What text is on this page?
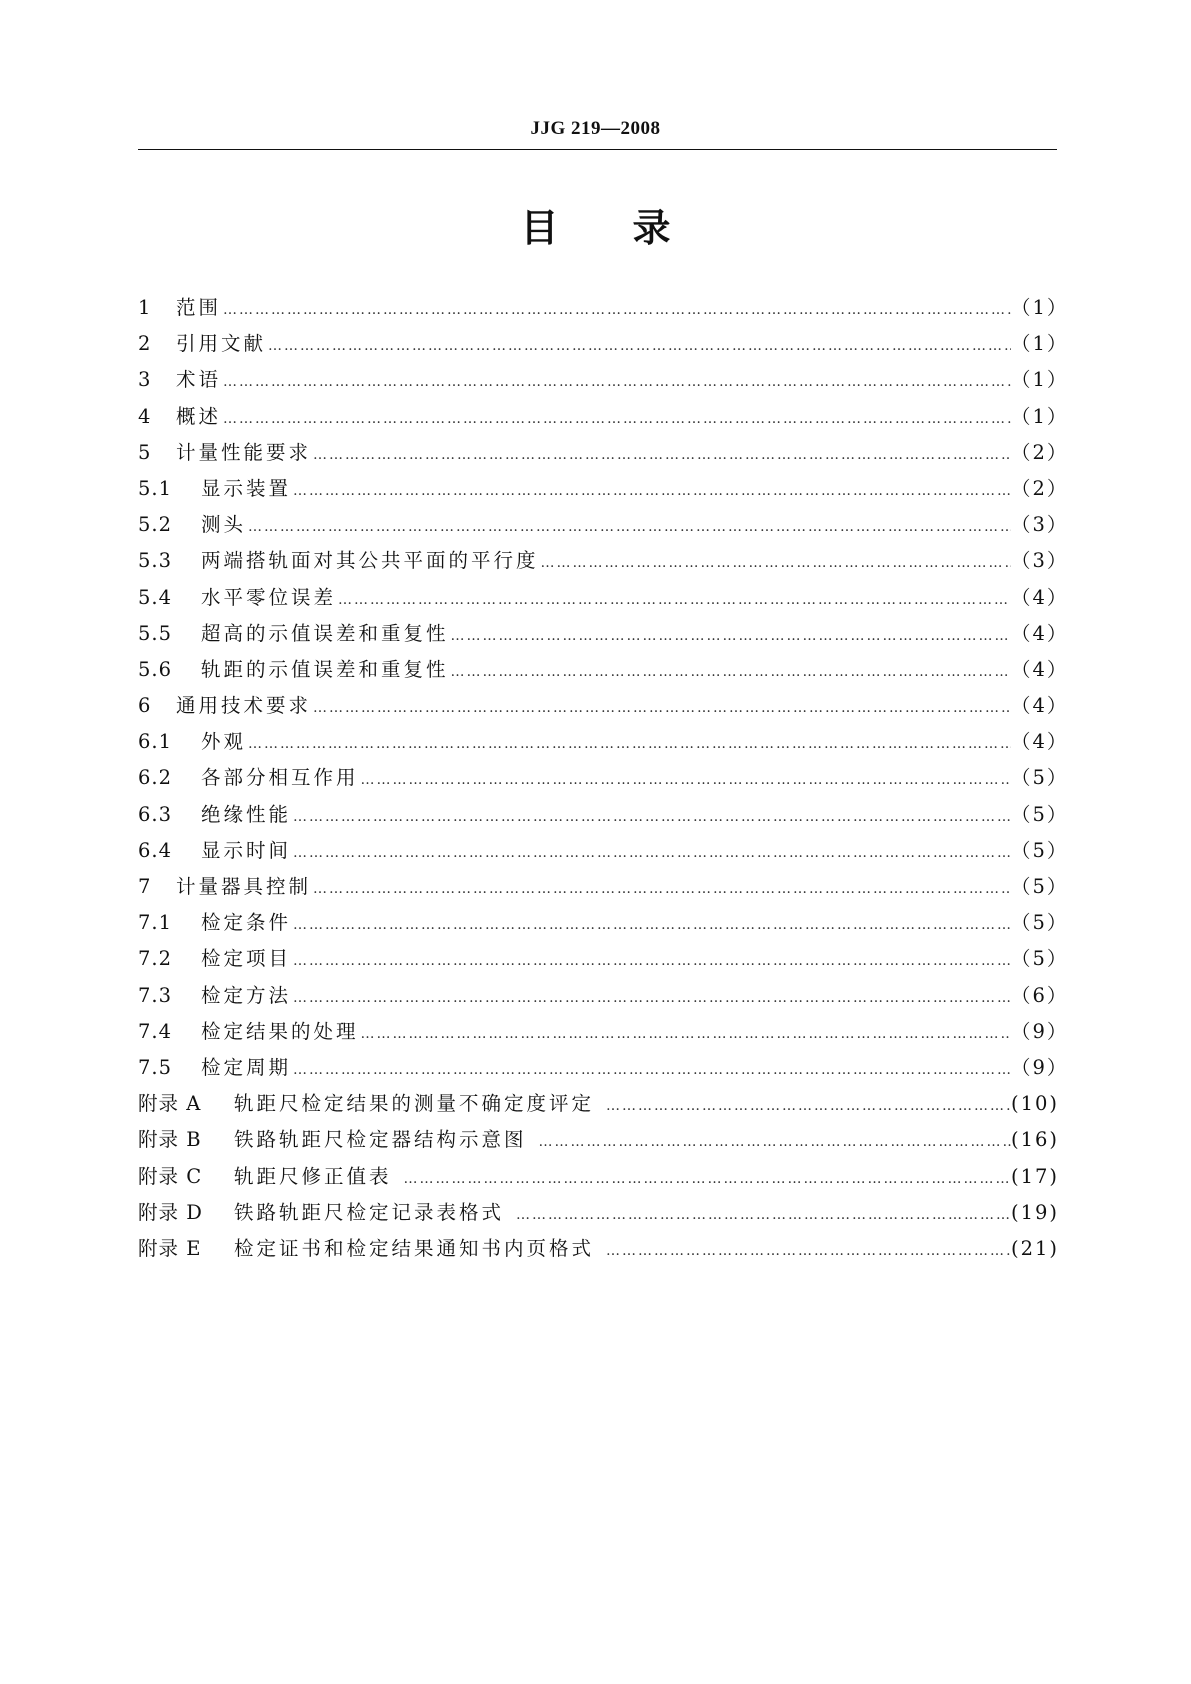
JJG 219—2008
目 录
1	范围 …………………………………………………………………………………………………………………………………………………………………………………………………………………………	（1）
2	引用文献 …………………………………………………………………………………………………………………………………………………………………………………………………………………………	（1）
3	术语 …………………………………………………………………………………………………………………………………………………………………………………………………………………………	（1）
4	概述 …………………………………………………………………………………………………………………………………………………………………………………………………………………………	（1）
5	计量性能要求 …………………………………………………………………………………………………………………………………………………………………………………………………………………………	（2）
5.1	显示装置 …………………………………………………………………………………………………………………………………………………………………………………………………………………………	（2）
5.2	测头 …………………………………………………………………………………………………………………………………………………………………………………………………………………………	（3）
5.3	两端搭轨面对其公共平面的平行度 …………………………………………………………………………………………………………………………………………………………………………………………………………………………	（3）
5.4	水平零位误差 …………………………………………………………………………………………………………………………………………………………………………………………………………………………	（4）
5.5	超高的示值误差和重复性 …………………………………………………………………………………………………………………………………………………………………………………………………………………………	（4）
5.6	轨距的示值误差和重复性 …………………………………………………………………………………………………………………………………………………………………………………………………………………………	（4）
6	通用技术要求 …………………………………………………………………………………………………………………………………………………………………………………………………………………………	（4）
6.1	外观 …………………………………………………………………………………………………………………………………………………………………………………………………………………………	（4）
6.2	各部分相互作用 …………………………………………………………………………………………………………………………………………………………………………………………………………………………	（5）
6.3	绝缘性能 …………………………………………………………………………………………………………………………………………………………………………………………………………………………	（5）
6.4	显示时间 …………………………………………………………………………………………………………………………………………………………………………………………………………………………	（5）
7	计量器具控制 …………………………………………………………………………………………………………………………………………………………………………………………………………………………	（5）
7.1	检定条件 …………………………………………………………………………………………………………………………………………………………………………………………………………………………	（5）
7.2	检定项目 …………………………………………………………………………………………………………………………………………………………………………………………………………………………	（5）
7.3	检定方法 …………………………………………………………………………………………………………………………………………………………………………………………………………………………	（6）
7.4	检定结果的处理 …………………………………………………………………………………………………………………………………………………………………………………………………………………………	（9）
7.5	检定周期 …………………………………………………………………………………………………………………………………………………………………………………………………………………………	（9）
附录 A	轨距尺检定结果的测量不确定度评定 …………………………………………………………………………………………………………………………………………………………………………………………………………………………	(10)
附录 B	铁路轨距尺检定器结构示意图 …………………………………………………………………………………………………………………………………………………………………………………………………………………………	(16)
附录 C	轨距尺修正值表 …………………………………………………………………………………………………………………………………………………………………………………………………………………………	(17)
附录 D	铁路轨距尺检定记录表格式 …………………………………………………………………………………………………………………………………………………………………………………………………………………………	(19)
附录 E	检定证书和检定结果通知书内页格式 …………………………………………………………………………………………………………………………………………………………………………………………………………………………	(21)
